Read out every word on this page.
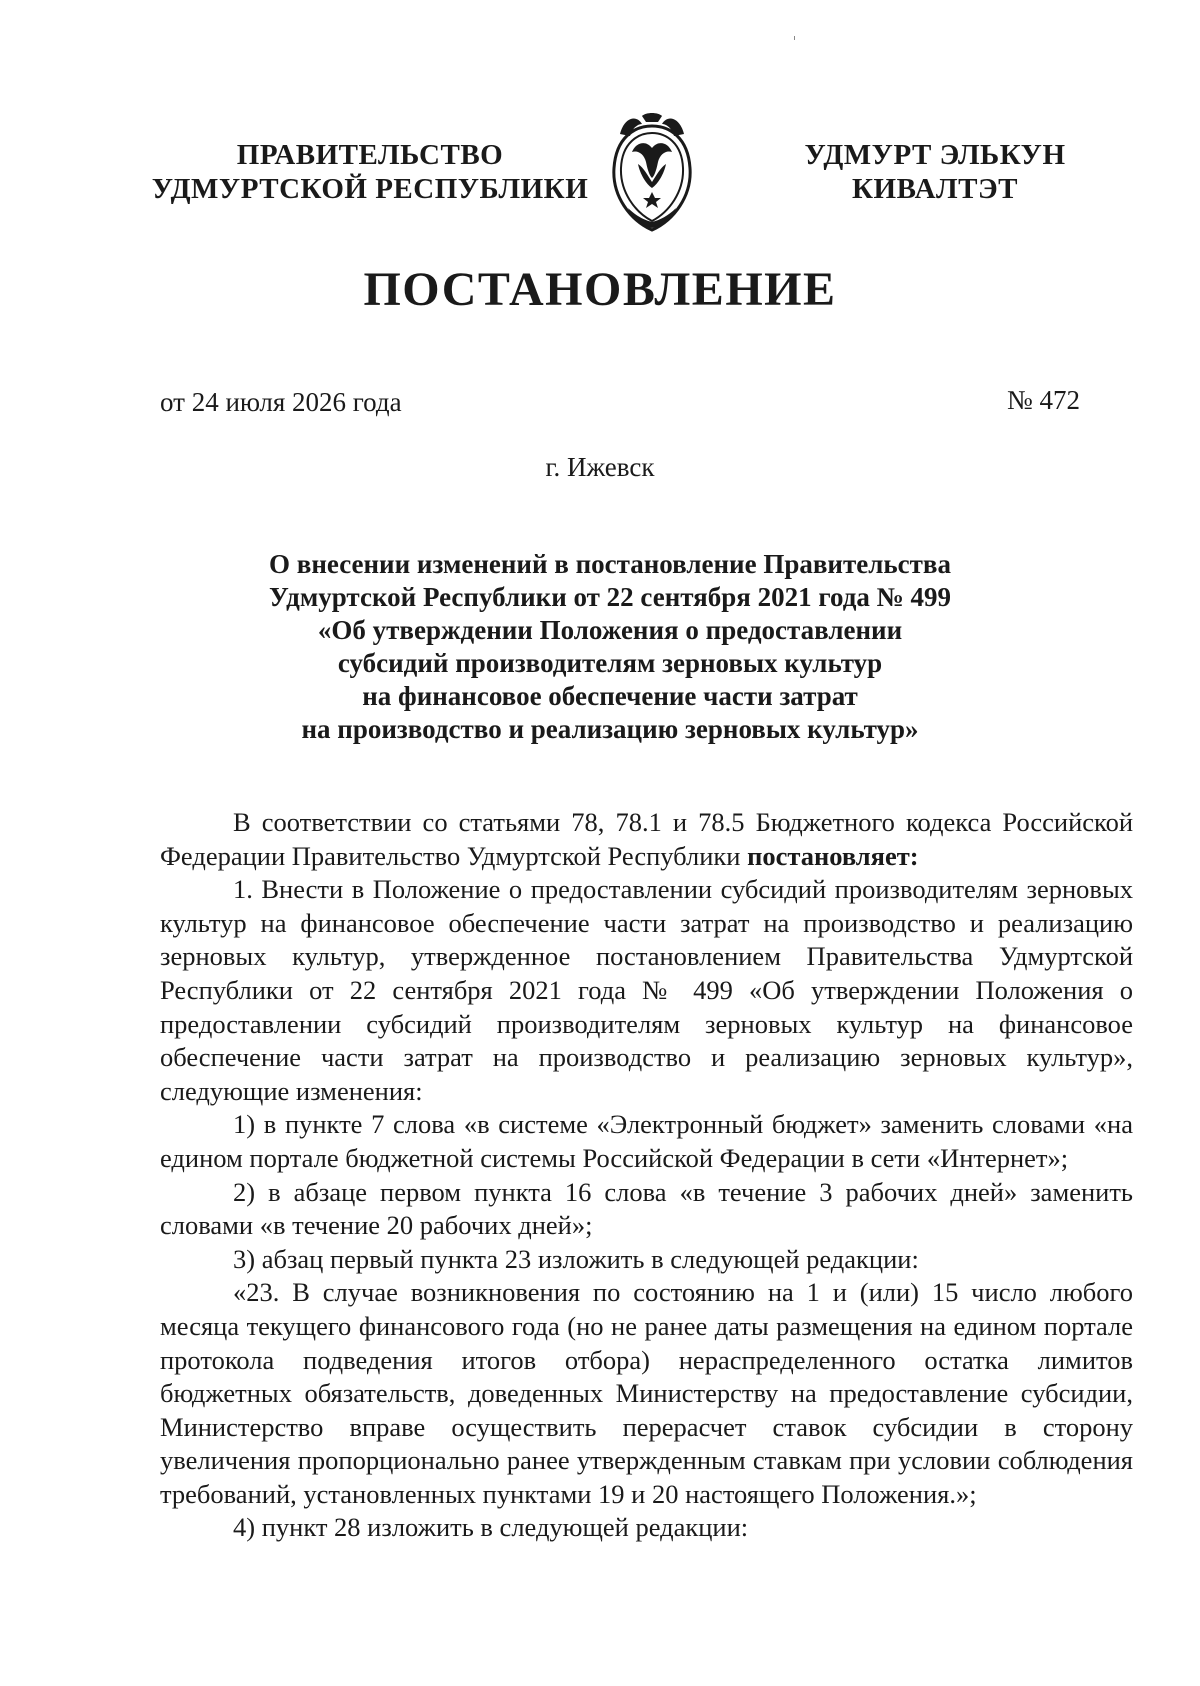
ПРАВИТЕЛЬСТВО
УДМУРТСКОЙ РЕСПУБЛИКИ
УДМУРТ ЭЛЬКУН
КИВАЛТЭТ
ПОСТАНОВЛЕНИЕ
от 24 июля 2026 года	№ 472
г. Ижевск
О внесении изменений в постановление Правительства
Удмуртской Республики от 22 сентября 2021 года № 499
«Об утверждении Положения о предоставлении
субсидий производителям зерновых культур
на финансовое обеспечение части затрат
на производство и реализацию зерновых культур»

В соответствии со статьями 78, 78.1 и 78.5 Бюджетного кодекса Российской Федерации Правительство Удмуртской Республики постановляет:

1. Внести в Положение о предоставлении субсидий производителям зерновых культур на финансовое обеспечение части затрат на производство и реализацию зерновых культур, утвержденное постановлением Правительства Удмуртской Республики от 22 сентября 2021 года № 499 «Об утверждении Положения о предоставлении субсидий производителям зерновых культур на финансовое обеспечение части затрат на производство и реализацию зерновых культур», следующие изменения:

1) в пункте 7 слова «в системе «Электронный бюджет» заменить словами «на едином портале бюджетной системы Российской Федерации в сети «Интернет»;

2) в абзаце первом пункта 16 слова «в течение 3 рабочих дней» заменить словами «в течение 20 рабочих дней»;

3) абзац первый пункта 23 изложить в следующей редакции:

«23. В случае возникновения по состоянию на 1 и (или) 15 число любого месяца текущего финансового года (но не ранее даты размещения на едином портале протокола подведения итогов отбора) нераспределенного остатка лимитов бюджетных обязательств, доведенных Министерству на предоставление субсидии, Министерство вправе осуществить перерасчет ставок субсидии в сторону увеличения пропорционально ранее утвержденным ставкам при условии соблюдения требований, установленных пунктами 19 и 20 настоящего Положения.»;

4) пункт 28 изложить в следующей редакции:
